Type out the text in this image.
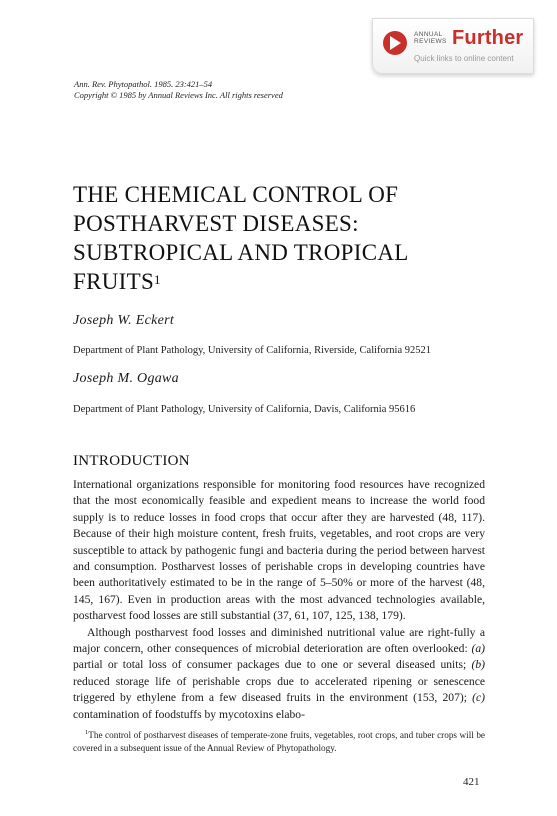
ANNUAL REVIEWS Further
Quick links to online content
Ann. Rev. Phytopathol. 1985. 23:421–54
Copyright © 1985 by Annual Reviews Inc. All rights reserved
THE CHEMICAL CONTROL OF
POSTHARVEST DISEASES:
SUBTROPICAL AND TROPICAL
FRUITS$^1$
Joseph W. Eckert
Department of Plant Pathology, University of California, Riverside, California 92521
Joseph M. Ogawa
Department of Plant Pathology, University of California, Davis, California 95616
INTRODUCTION

International organizations responsible for monitoring food resources have recognized that the most economically feasible and expedient means to increase the world food supply is to reduce losses in food crops that occur after they are harvested (48, 117). Because of their high moisture content, fresh fruits, vegetables, and root crops are very susceptible to attack by pathogenic fungi and bacteria during the period between harvest and consumption. Postharvest losses of perishable crops in developing countries have been authoritatively estimated to be in the range of 5–50% or more of the harvest (48, 145, 167). Even in production areas with the most advanced technologies available, postharvest food losses are still substantial (37, 61, 107, 125, 138, 179).

Although postharvest food losses and diminished nutritional value are right-fully a major concern, other consequences of microbial deterioration are often overlooked: (a) partial or total loss of consumer packages due to one or several diseased units; (b) reduced storage life of perishable crops due to accelerated ripening or senescence triggered by ethylene from a few diseased fruits in the environment (153, 207); (c) contamination of foodstuffs by mycotoxins elabo-

$^1$The control of postharvest diseases of temperate-zone fruits, vegetables, root crops, and tuber crops will be covered in a subsequent issue of the Annual Review of Phytopathology.
421
